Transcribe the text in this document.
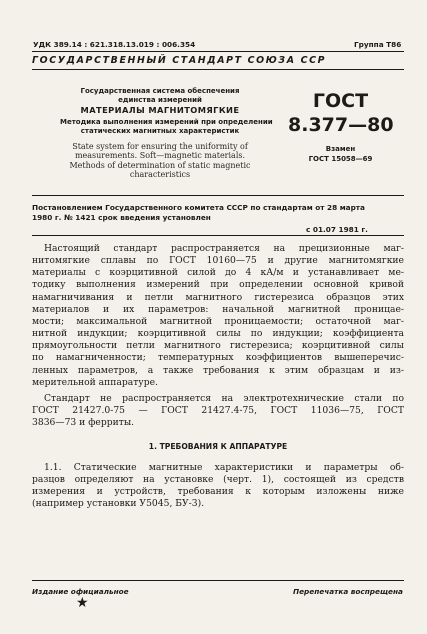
УДК 389.14 : 621.318.13.019 : 006.354	Группа Т86
ГОСУДАРСТВЕННЫЙ СТАНДАРТ СОЮЗА ССР
Государственная система обеспечения
единства измерений
МАТЕРИАЛЫ МАГНИТОМЯГКИЕ
Методика выполнения измерений при определении
статических магнитных характеристик
State system for ensuring the uniformity of
measurements. Soft—magnetic materials.
Methods of determination of static magnetic
characteristics
ГОСТ
8.377—80
Взамен
ГОСТ 15058—69
Постановлением Государственного комитета СССР по стандартам от 28 марта
1980 г. № 1421 срок введения установлен
с 01.07 1981 г.
Настоящий стандарт распространяется на прецизионные маг-
нитомягкие сплавы по ГОСТ 10160—75 и другие магнитомягкие
материалы с коэрцитивной силой до 4 кА/м и устанавливает ме-
тодику выполнения измерений при определении основной кривой
намагничивания и петли магнитного гистерезиса образцов этих
материалов и их параметров: начальной магнитной проницае-
мости; максимальной магнитной проницаемости; остаточной маг-
нитной индукции; коэрцитивной силы по индукции; коэффициента
прямоугольности петли магнитного гистерезиса; коэрцитивной силы
по намагниченности; температурных коэффициентов вышеперечис-
ленных параметров, а также требования к этим образцам и из-
мерительной аппаратуре.
Стандарт не распространяется на электротехнические стали по
ГОСТ 21427.0-75 — ГОСТ 21427.4-75, ГОСТ 11036—75, ГОСТ
3836—73 и ферриты.
1. ТРЕБОВАНИЯ К АППАРАТУРЕ
1.1. Статические магнитные характеристики и параметры об-
разцов определяют на установке (черт. 1), состоящей из средств
измерения и устройств, требования к которым изложены ниже
(например установки У5045, БУ-3).
Издание официальное	Перепечатка воспрещена
★
